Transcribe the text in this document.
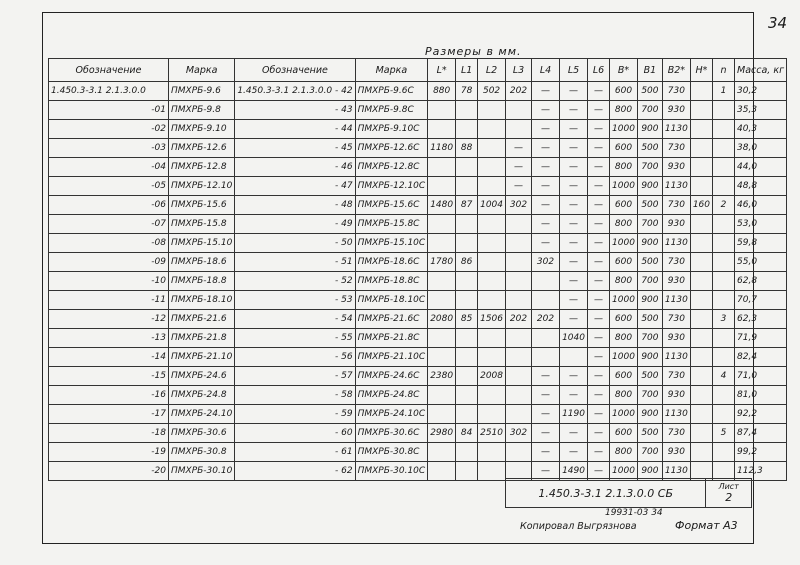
34
Размеры в мм.
Обозначение	Марка	Обозначение	Марка	L*	L1	L2	L3	L4	L5	L6	B*	B1	B2*	H*	n	Масса, кг
1.450.3-3.1 2.1.3.0.0	ПМХРБ-9.6	1.450.3-3.1 2.1.3.0.0 - 42	ПМХРБ-9.6С	880	78	502	202	—	—	—	600	500	730		1	30,2
-01	ПМХРБ-9.8	- 43	ПМХРБ-9.8С					—	—	—	800	700	930			35,3
-02	ПМХРБ-9.10	- 44	ПМХРБ-9.10С					—	—	—	1000	900	1130			40,3
-03	ПМХРБ-12.6	- 45	ПМХРБ-12.6С	1180	88		—	—	—	—	600	500	730			38,0
-04	ПМХРБ-12.8	- 46	ПМХРБ-12.8С				—	—	—	—	800	700	930			44,0
-05	ПМХРБ-12.10	- 47	ПМХРБ-12.10С				—	—	—	—	1000	900	1130			48,8
-06	ПМХРБ-15.6	- 48	ПМХРБ-15.6С	1480	87	1004	302	—	—	—	600	500	730	160	2	46,0
-07	ПМХРБ-15.8	- 49	ПМХРБ-15.8С					—	—	—	800	700	930			53,0
-08	ПМХРБ-15.10	- 50	ПМХРБ-15.10С					—	—	—	1000	900	1130			59,8
-09	ПМХРБ-18.6	- 51	ПМХРБ-18.6С	1780	86			302	—	—	600	500	730			55,0
-10	ПМХРБ-18.8	- 52	ПМХРБ-18.8С						—	—	800	700	930			62,8
-11	ПМХРБ-18.10	- 53	ПМХРБ-18.10С						—	—	1000	900	1130			70,7
-12	ПМХРБ-21.6	- 54	ПМХРБ-21.6С	2080	85	1506	202	202	—	—	600	500	730		3	62,3
-13	ПМХРБ-21.8	- 55	ПМХРБ-21.8С						1040	—	800	700	930			71,9
-14	ПМХРБ-21.10	- 56	ПМХРБ-21.10С							—	1000	900	1130			82,4
-15	ПМХРБ-24.6	- 57	ПМХРБ-24.6С	2380		2008		—	—	—	600	500	730		4	71,0
-16	ПМХРБ-24.8	- 58	ПМХРБ-24.8С					—	—	—	800	700	930			81,0
-17	ПМХРБ-24.10	- 59	ПМХРБ-24.10С					—	1190	—	1000	900	1130			92,2
-18	ПМХРБ-30.6	- 60	ПМХРБ-30.6С	2980	84	2510	302	—	—	—	600	500	730		5	87,4
-19	ПМХРБ-30.8	- 61	ПМХРБ-30.8С					—	—	—	800	700	930			99,2
-20	ПМХРБ-30.10	- 62	ПМХРБ-30.10С					—	1490	—	1000	900	1130			112,3
1.450.3-3.1 2.1.3.0.0 СБ	Лист
2
19931-03 34
Копировал Выгрязнова	Формат А3
